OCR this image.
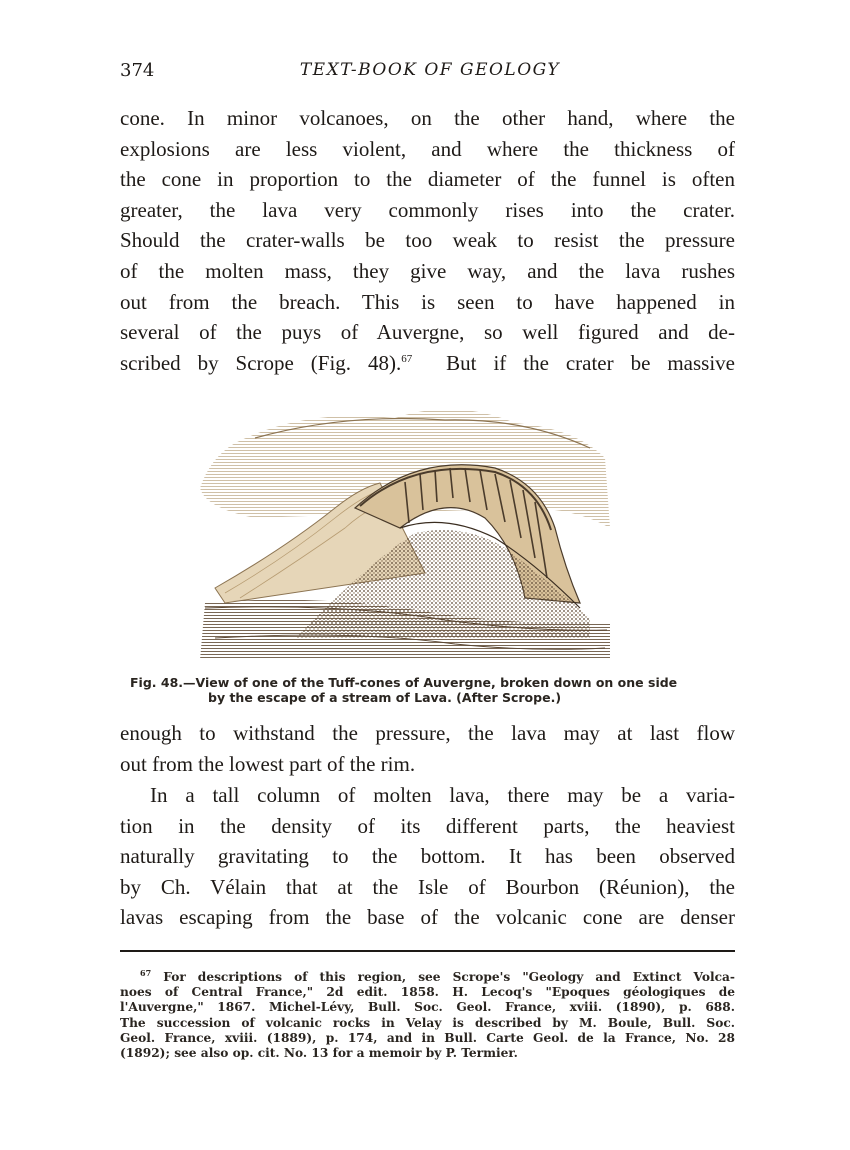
374	TEXT-BOOK OF GEOLOGY

cone. In minor volcanoes, on the other hand, where the
explosions are less violent, and where the thickness of
the cone in proportion to the diameter of the funnel is often
greater, the lava very commonly rises into the crater.
Should the crater-walls be too weak to resist the pressure
of the molten mass, they give way, and the lava rushes
out from the breach. This is seen to have happened in
several of the puys of Auvergne, so well figured and de-
scribed by Scrope (Fig. 48).$^{67}$ But if the crater be massive

Fig. 48.—View of one of the Tuff-cones of Auvergne, broken down on one side
by the escape of a stream of Lava. (After Scrope.)

enough to withstand the pressure, the lava may at last flow
out from the lowest part of the rim.

In a tall column of molten lava, there may be a varia-
tion in the density of its different parts, the heaviest
naturally gravitating to the bottom. It has been observed
by Ch. Vélain that at the Isle of Bourbon (Réunion), the
lavas escaping from the base of the volcanic cone are denser

$^{67}$ For descriptions of this region, see Scrope's "Geology and Extinct Volca-
noes of Central France," 2d edit. 1858. H. Lecoq's "Epoques géologiques de
l'Auvergne," 1867. Michel-Lévy, Bull. Soc. Geol. France, xviii. (1890), p. 688.
The succession of volcanic rocks in Velay is described by M. Boule, Bull. Soc.
Geol. France, xviii. (1889), p. 174, and in Bull. Carte Geol. de la France, No. 28
(1892); see also op. cit. No. 13 for a memoir by P. Termier.
